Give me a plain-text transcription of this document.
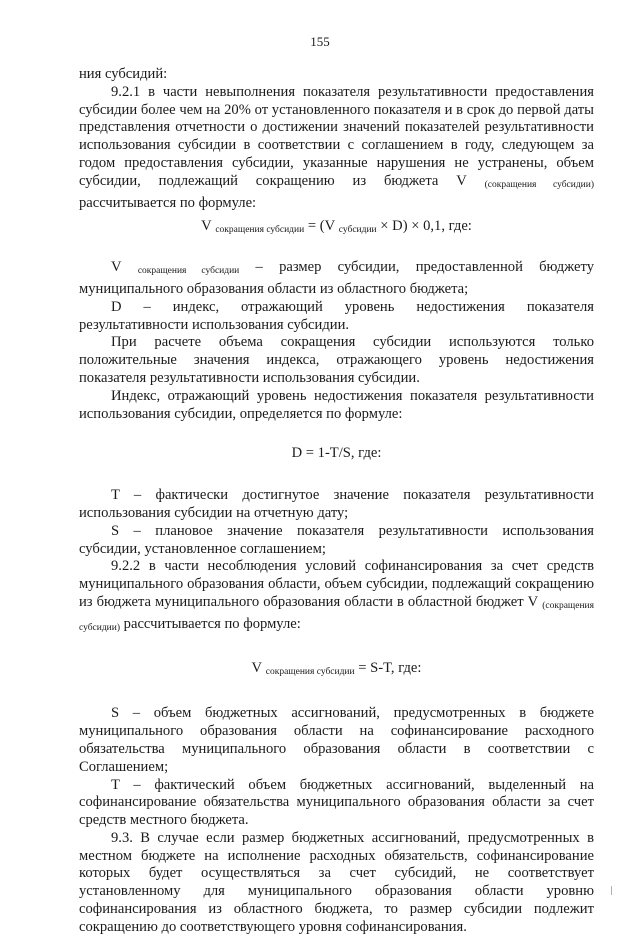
155

ния субсидий:

9.2.1 в части невыполнения показателя результативности предоставления субсидии более чем на 20% от установленного показателя и в срок до первой даты представления отчетности о достижении значений показателей результативности использования субсидии в соответствии с соглашением в году, следующем за годом предоставления субсидии, указанные нарушения не устранены, объем субсидии, подлежащий сокращению из бюджета V $_{(сокращения субсидии)}$ рассчитывается по формуле:

V $_{сокращения субсидии}$ = (V $_{субсидии}$ × D) × 0,1, где:

V $_{сокращения субсидии}$ – размер субсидии, предоставленной бюджету муниципального образования области из областного бюджета;

D – индекс, отражающий уровень недостижения показателя результативности использования субсидии.

При расчете объема сокращения субсидии используются только положительные значения индекса, отражающего уровень недостижения показателя результативности использования субсидии.

Индекс, отражающий уровень недостижения показателя результативности использования субсидии, определяется по формуле:

D = 1-T/S, где:

T – фактически достигнутое значение показателя результативности использования субсидии на отчетную дату;

S – плановое значение показателя результативности использования субсидии, установленное соглашением;

9.2.2 в части несоблюдения условий софинансирования за счет средств муниципального образования области, объем субсидии, подлежащий сокращению из бюджета муниципального образования области в областной бюджет V $_{(сокращения субсидии)}$ рассчитывается по формуле:

V $_{сокращения субсидии}$ = S-T, где:

S – объем бюджетных ассигнований, предусмотренных в бюджете муниципального образования области на софинансирование расходного обязательства муниципального образования области в соответствии с Соглашением;

T – фактический объем бюджетных ассигнований, выделенный на софинансирование обязательства муниципального образования области за счет средств местного бюджета.

9.3. В случае если размер бюджетных ассигнований, предусмотренных в местном бюджете на исполнение расходных обязательств, софинансирование которых будет осуществляться за счет субсидий, не соответствует установленному для муниципального образования области уровню софинансирования из областного бюджета, то размер субсидии подлежит сокращению до соответствующего уровня софинансирования.
